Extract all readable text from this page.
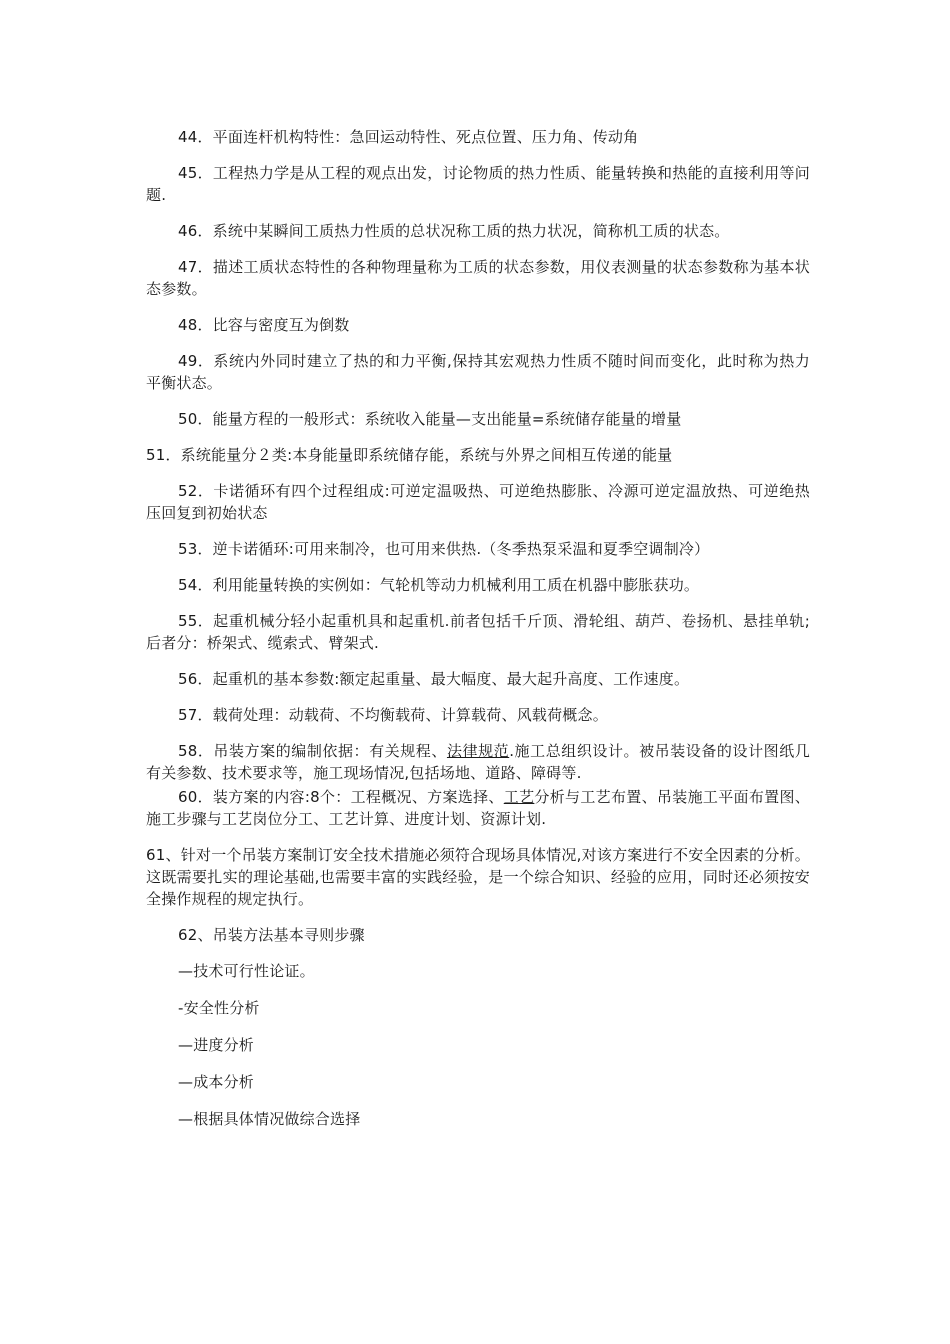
44．平面连杆机构特性：急回运动特性、死点位置、压力角、传动角

45．工程热力学是从工程的观点出发，讨论物质的热力性质、能量转换和热能的直接利用等问题.

46．系统中某瞬间工质热力性质的总状况称工质的热力状况，简称机工质的状态。

47．描述工质状态特性的各种物理量称为工质的状态参数，用仪表测量的状态参数称为基本状态参数。

48．比容与密度互为倒数

49．系统内外同时建立了热的和力平衡,保持其宏观热力性质不随时间而变化，此时称为热力平衡状态。

50．能量方程的一般形式：系统收入能量—支出能量=系统储存能量的增量

51．系统能量分２类:本身能量即系统储存能，系统与外界之间相互传递的能量

52．卡诺循环有四个过程组成:可逆定温吸热、可逆绝热膨胀、冷源可逆定温放热、可逆绝热压回复到初始状态

53．逆卡诺循环:可用来制冷，也可用来供热.（冬季热泵采温和夏季空调制冷）

54．利用能量转换的实例如：气轮机等动力机械利用工质在机器中膨胀获功。

55．起重机械分轻小起重机具和起重机.前者包括千斤顶、滑轮组、葫芦、卷扬机、悬挂单轨;后者分：桥架式、缆索式、臂架式.

56．起重机的基本参数:额定起重量、最大幅度、最大起升高度、工作速度。

57．载荷处理：动载荷、不均衡载荷、计算载荷、风载荷概念。

58．吊装方案的编制依据：有关规程、法律规范.施工总组织设计。被吊装设备的设计图纸几有关参数、技术要求等，施工现场情况,包括场地、道路、障碍等.

60．装方案的内容:8个：工程概况、方案选择、工艺分析与工艺布置、吊装施工平面布置图、施工步骤与工艺岗位分工、工艺计算、进度计划、资源计划.

61、针对一个吊装方案制订安全技术措施必须符合现场具体情况,对该方案进行不安全因素的分析。这既需要扎实的理论基础,也需要丰富的实践经验，是一个综合知识、经验的应用，同时还必须按安全操作规程的规定执行。

62、吊装方法基本寻则步骤

—技术可行性论证。

-安全性分析

—进度分析

—成本分析

—根据具体情况做综合选择
